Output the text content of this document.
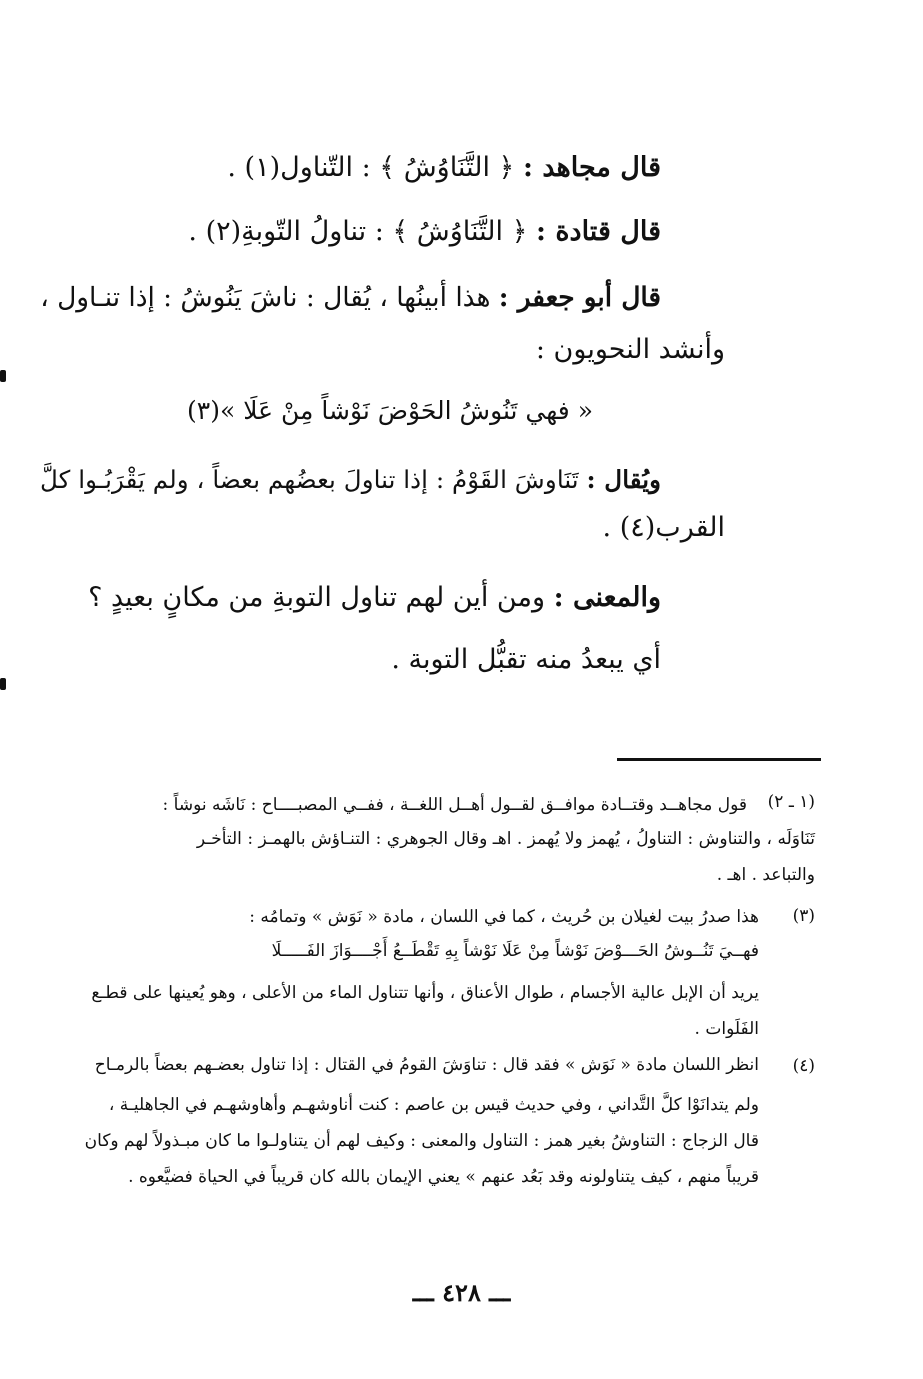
قال مجاهد : ﴿ التَّنَاوُشُ ﴾ : التّناول(١) .
قال قتادة : ﴿ التَّنَاوُشُ ﴾ : تناولُ التّوبةِ(٢) .
قال أبو جعفر : هذا أبينُها ، يُقال : ناشَ يَنُوشُ : إذا تنـاول ،
وأنشد النحويون :
« فهي تَنُوشُ الحَوْضَ نَوْشاً مِنْ عَلَا »(٣)
ويُقال : تَنَاوشَ القَوْمُ : إذا تناولَ بعضُهم بعضاً ، ولم يَقْرَبُـوا كلَّ
القرب(٤) .
والمعنى : ومن أين لهم تناول التوبةِ من مكانٍ بعيدٍ ؟
أي يبعدُ منه تقبُّل التوبة .
(١ ـ ٢)
قول مجاهــد وقتــادة موافــق لقــول أهــل اللغــة ، ففــي المصبــــاح : نَاشَه نوشاً :
تَنَاوَلَه ، والتناوش : التناولُ ، يُهمز ولا يُهمز . اهـ وقال الجوهري : التنـاؤش بالهمـز : التأخـر
والتباعد . اهـ .
(٣)
هذا صدرُ بيت لغيلان بن حُريث ، كما في اللسان ، مادة « نَوَش » وتمامُه :
فهــيَ تَنُــوشُ الحَـــوْضَ نَوْشاً مِنْ عَلَا نَوْشاً بِهِ تَقْطَــعُ أَجْــــوَازَ الفَـــــلَا
يريد أن الإبل عالية الأجسام ، طوال الأعناق ، وأنها تتناول الماء من الأعلى ، وهو يُعينها على قطـع
الفَلَوات .
(٤)
انظر اللسان مادة « نَوَش » فقد قال : تناوَشَ القومُ في القتال : إذا تناول بعضـهم بعضاً بالرمـاح
ولم يتدانَوْا كلَّ التَّداني ، وفي حديث قيس بن عاصم : كنت أناوشهـم وأهاوشهـم في الجاهليـة ،
قال الزجاج : التناوشُ بغير همز : التناول والمعنى : وكيف لهم أن يتناولـوا ما كان مبـذولاً لهم وكان
قريباً منهم ، كيف يتناولونه وقد بَعُد عنهم » يعني الإيمان بالله كان قريباً في الحياة فضيَّعوه .
ـــ ٤٢٨ ـــ
